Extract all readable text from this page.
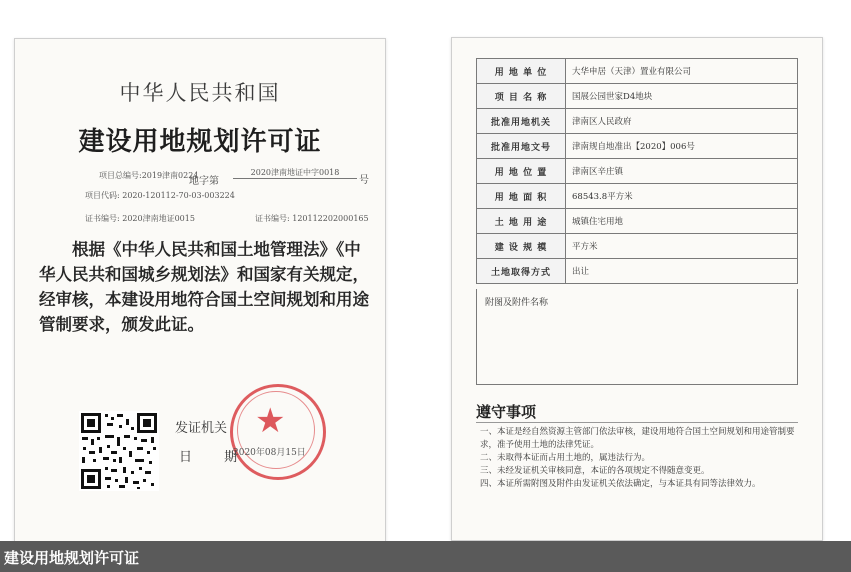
中华人民共和国
建设用地规划许可证
项目总编号:2019津南0224
地字第
2020津南地证中字0018
号
项目代码: 2020-120112-70-03-003224
证书编号: 2020津南地证0015	证书编号: 120112202000165

根据《中华人民共和国土地管理法》《中

华人民共和国城乡规划法》和国家有关规定，

经审核，本建设用地符合国土空间规划和用途

管制要求，颁发此证。

★
发证机关
日 期
2020年08月15日
用 地 单 位	大华申居（天津）置业有限公司
项 目 名 称	国展公园世家D4地块
批准用地机关	津南区人民政府
批准用地文号	津南规自地准出【2020】006号
用 地 位 置	津南区辛庄镇
用 地 面 积	68543.8平方米
土 地 用 途	城镇住宅用地
建 设 规 模	平方米
土地取得方式	出让
附图及附件名称
遵守事项
一、本证是经自然资源主管部门依法审核，建设用地符合国土空间规划和用途管制要求，准予使用土地的法律凭证。
二、未取得本证而占用土地的，属违法行为。
三、未经发证机关审核同意，本证的各项规定不得随意变更。
四、本证所需附图及附件由发证机关依法确定，与本证具有同等法律效力。
建设用地规划许可证
